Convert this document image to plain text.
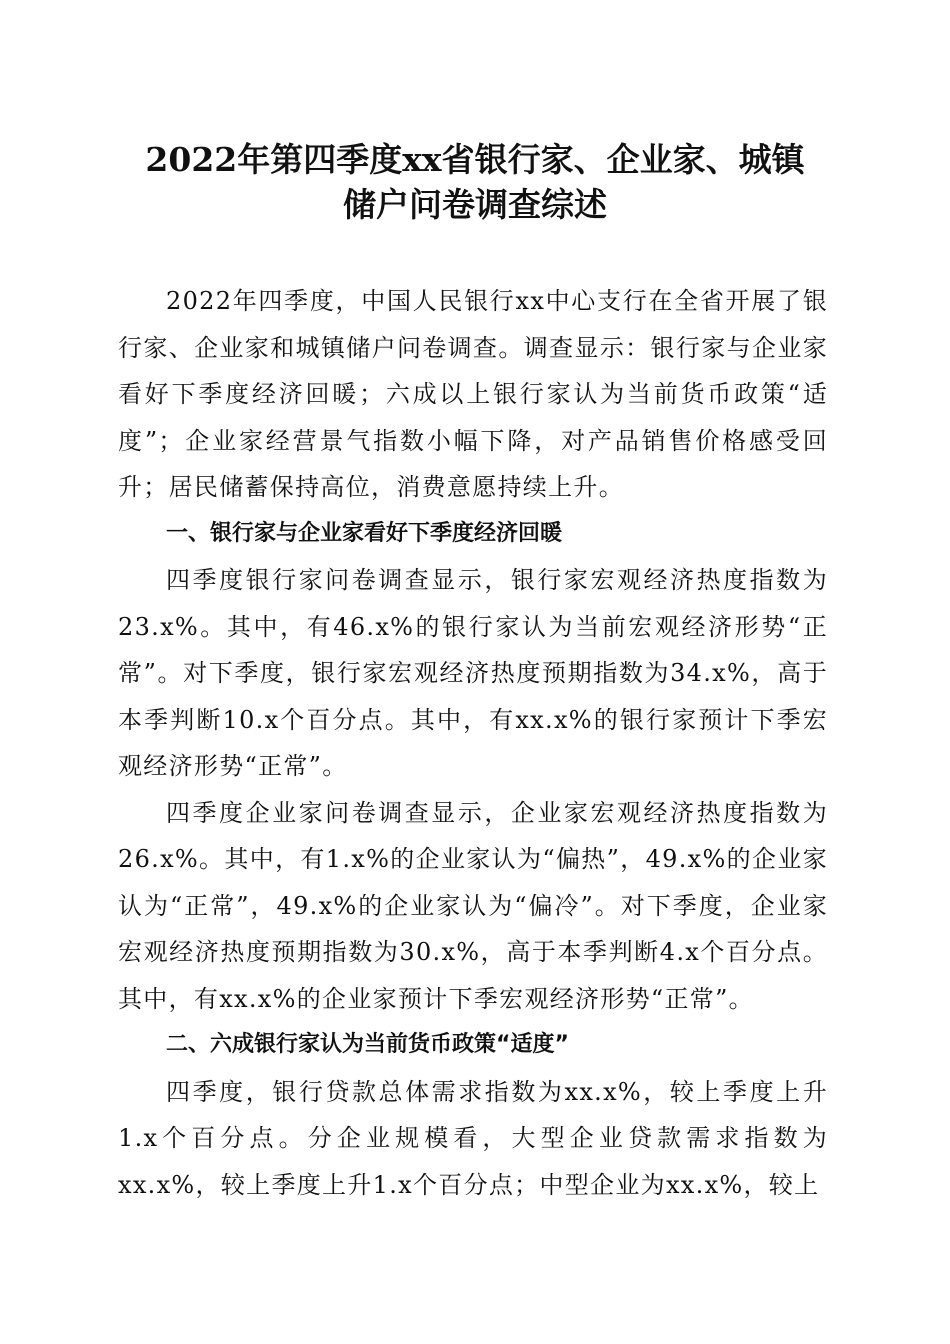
2022年第四季度xx省银行家、企业家、城镇
储户问卷调查综述

2022年四季度，中国人民银行xx中心支行在全省开展了银行家、企业家和城镇储户问卷调查。调查显示：银行家与企业家看好下季度经济回暖；六成以上银行家认为当前货币政策“适度”；企业家经营景气指数小幅下降，对产品销售价格感受回升；居民储蓄保持高位，消费意愿持续上升。

一、银行家与企业家看好下季度经济回暖

四季度银行家问卷调查显示，银行家宏观经济热度指数为23.x%。其中，有46.x%的银行家认为当前宏观经济形势“正常”。对下季度，银行家宏观经济热度预期指数为34.x%，高于本季判断10.x个百分点。其中，有xx.x%的银行家预计下季宏观经济形势“正常”。

四季度企业家问卷调查显示，企业家宏观经济热度指数为26.x%。其中，有1.x%的企业家认为“偏热”，49.x%的企业家认为“正常”，49.x%的企业家认为“偏冷”。对下季度，企业家宏观经济热度预期指数为30.x%，高于本季判断4.x个百分点。其中，有xx.x%的企业家预计下季宏观经济形势“正常”。

二、六成银行家认为当前货币政策“适度”

四季度，银行贷款总体需求指数为xx.x%，较上季度上升1.x个百分点。分企业规模看，大型企业贷款需求指数为xx.x%，较上季度上升1.x个百分点；中型企业为xx.x%，较上
